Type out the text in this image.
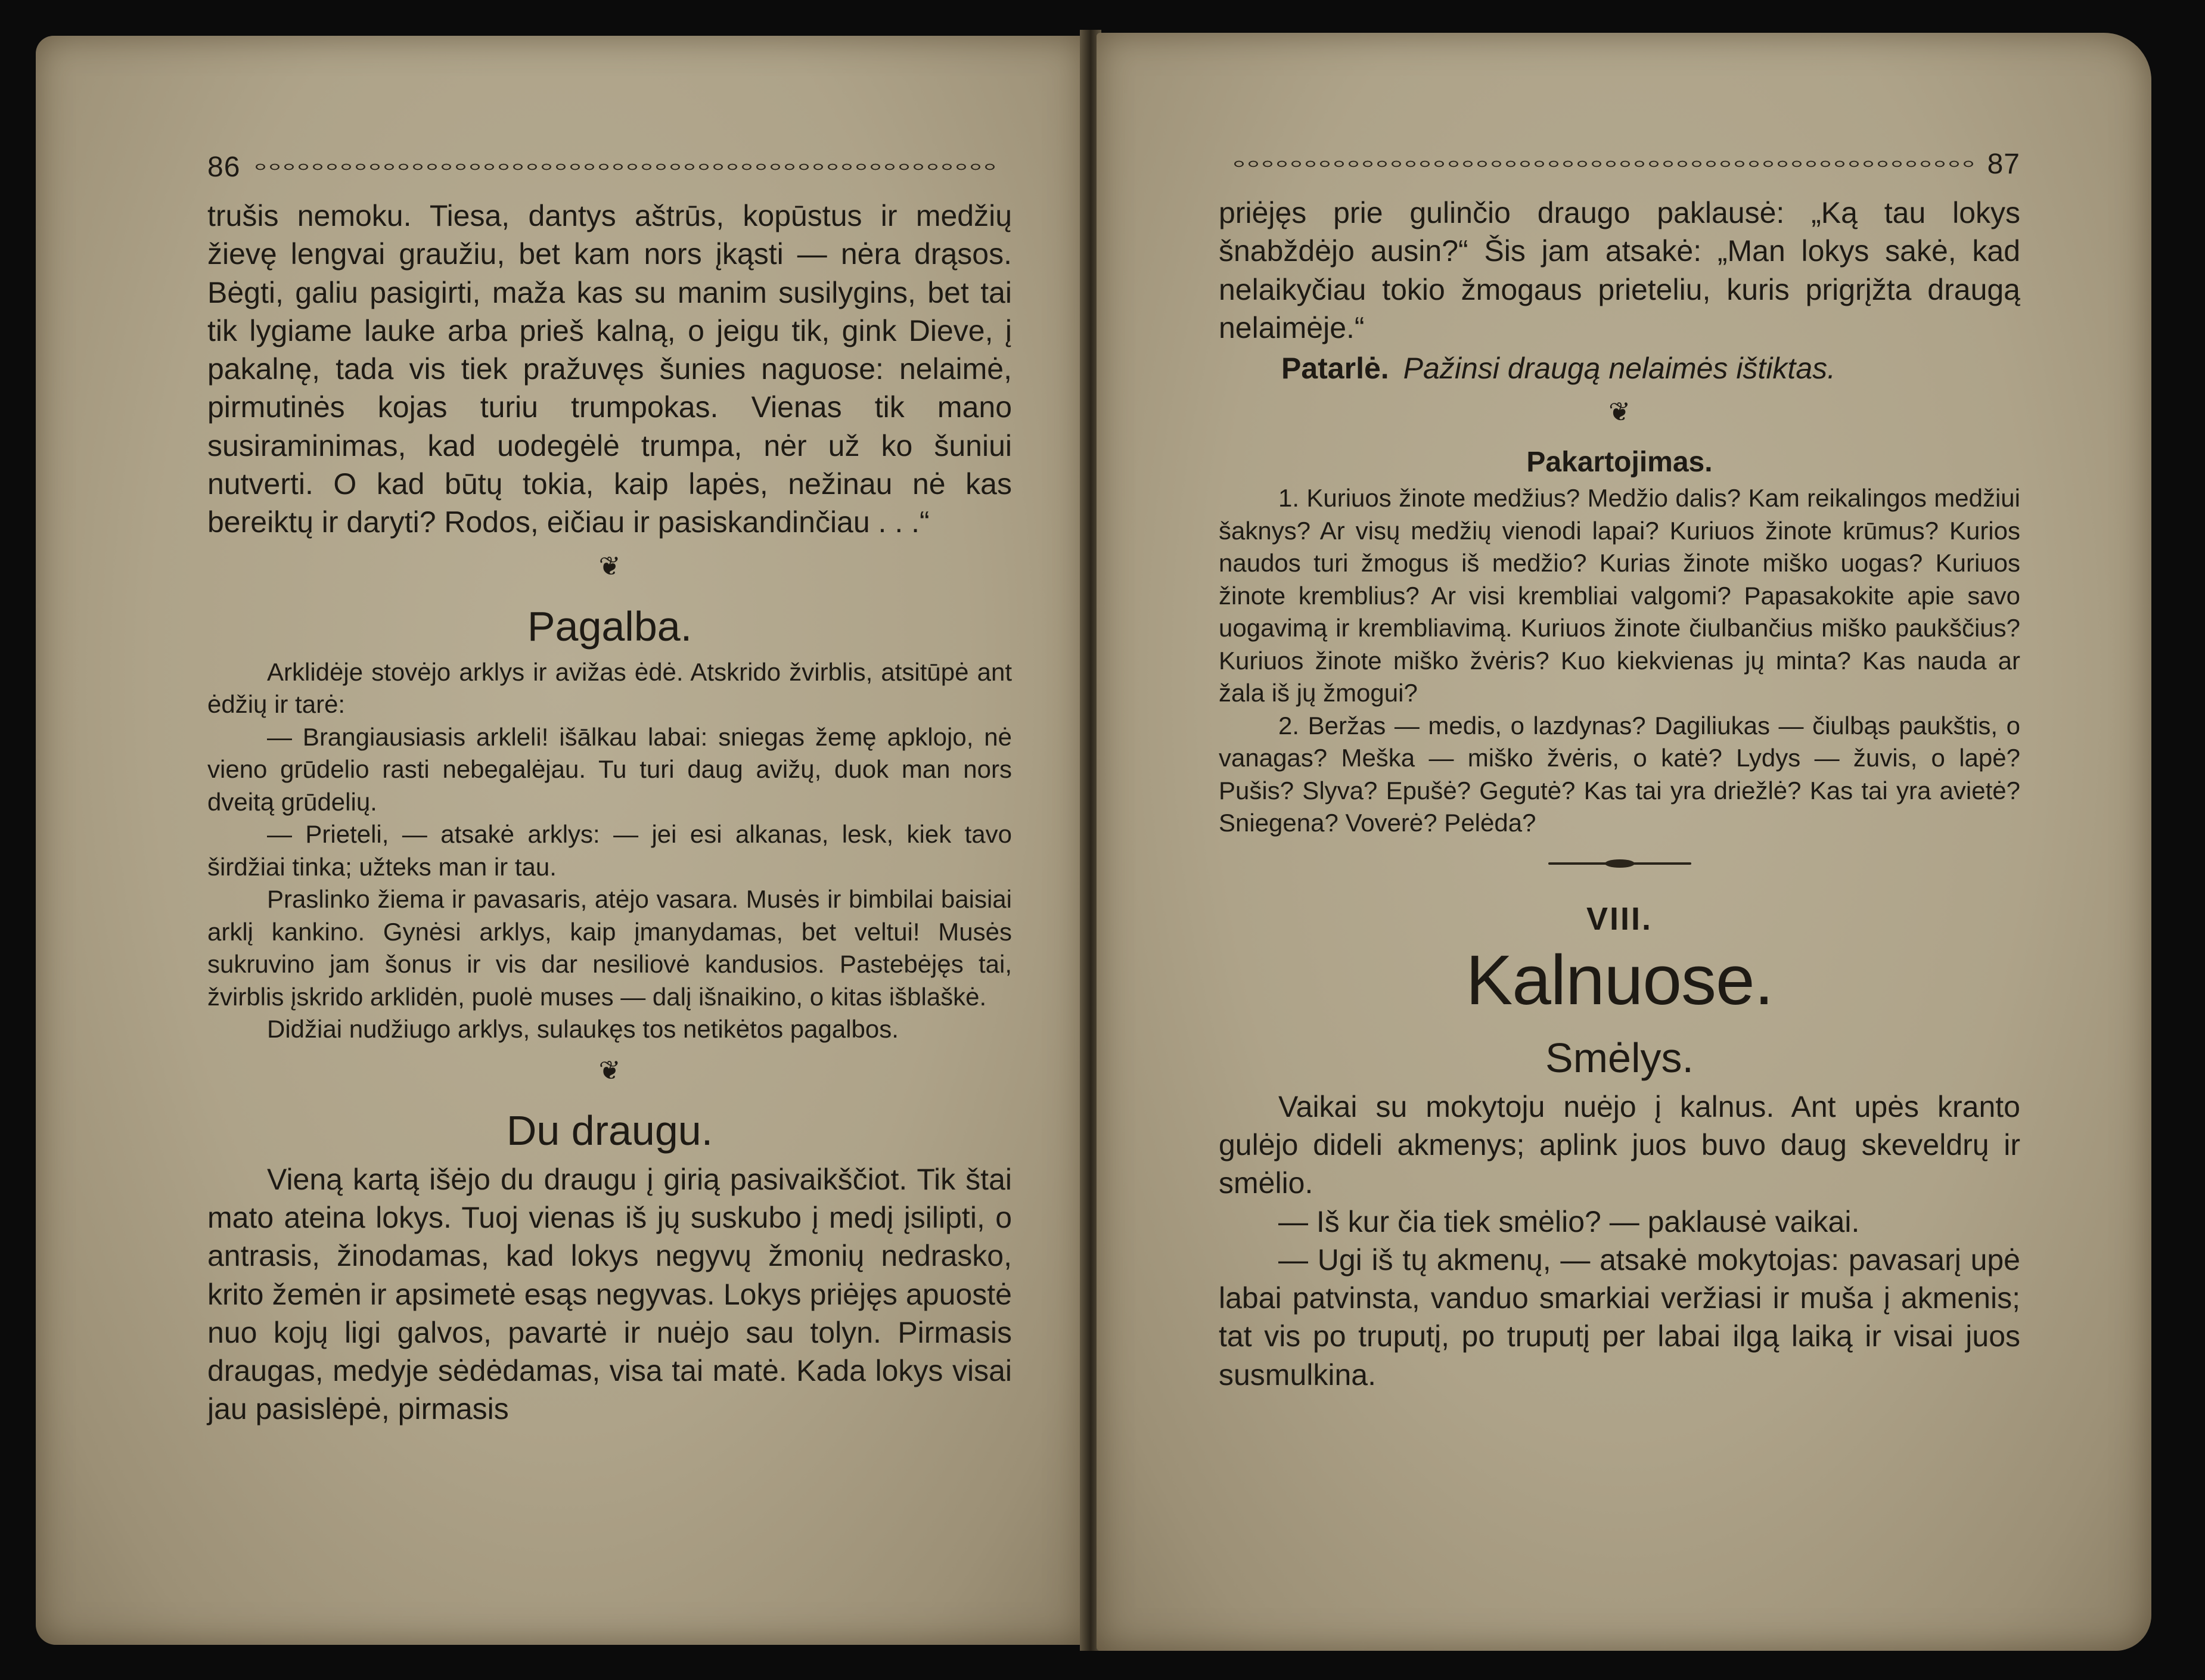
86

trušis nemoku. Tiesa, dantys aštrūs, kopūstus ir medžių žievę lengvai graužiu, bet kam nors įkąsti — nėra drąsos. Bėgti, galiu pasigirti, maža kas su manim susilygins, bet tai tik lygiame lauke arba prieš kalną, o jeigu tik, gink Dieve, į pakalnę, tada vis tiek pražuvęs šunies naguose: nelaimė, pirmutinės kojas turiu trumpokas. Vienas tik mano susiraminimas, kad uodegėlė trumpa, nėr už ko šuniui nutverti. O kad būtų tokia, kaip lapės, nežinau nė kas bereiktų ir daryti? Rodos, eičiau ir pasiskandinčiau . . .“

❦
Pagalba.

Arklidėje stovėjo arklys ir avižas ėdė. Atskrido žvirblis, atsitūpė ant ėdžių ir tarė:

— Brangiausiasis arkleli! išālkau labai: sniegas žemę apklojo, nė vieno grūdelio rasti nebegalėjau. Tu turi daug avižų, duok man nors dveitą grūdelių.

— Prieteli, — atsakė arklys: — jei esi alkanas, lesk, kiek tavo širdžiai tinka; užteks man ir tau.

Praslinko žiema ir pavasaris, atėjo vasara. Musės ir bimbilai baisiai arklį kankino. Gynėsi arklys, kaip įmanydamas, bet veltui! Musės sukruvino jam šonus ir vis dar nesiliovė kandusios. Pastebėjęs tai, žvirblis įskrido arklidėn, puolė muses — dalį išnaikino, o kitas išblaškė.

Didžiai nudžiugo arklys, sulaukęs tos netikėtos pagalbos.

❦
Du draugu.

Vieną kartą išėjo du draugu į girią pasivaikščiot. Tik štai mato ateina lokys. Tuoj vienas iš jų suskubo į medį įsilipti, o antrasis, žinodamas, kad lokys negyvų žmonių nedrasko, krito žemėn ir apsimetė esąs negyvas. Lokys priėjęs apuostė nuo kojų ligi galvos, pavartė ir nuėjo sau tolyn. Pirmasis draugas, medyje sėdėdamas, visa tai matė. Kada lokys visai jau pasislėpė, pirmasis

87

priėjęs prie gulinčio draugo paklausė: „Ką tau lokys šnabždėjo ausin?“ Šis jam atsakė: „Man lokys sakė, kad nelaikyčiau tokio žmogaus prieteliu, kuris prigrįžta draugą nelaimėje.“

Patarlė. Pažinsi draugą nelaimės ištiktas.

❦
Pakartojimas.

1. Kuriuos žinote medžius? Medžio dalis? Kam reikalingos medžiui šaknys? Ar visų medžių vienodi lapai? Kuriuos žinote krūmus? Kurios naudos turi žmogus iš medžio? Kurias žinote miško uogas? Kuriuos žinote kremblius? Ar visi krembliai valgomi? Papasakokite apie savo uogavimą ir krembliavimą. Kuriuos žinote čiulbančius miško paukščius? Kuriuos žinote miško žvėris? Kuo kiekvienas jų minta? Kas nauda ar žala iš jų žmogui?

2. Beržas — medis, o lazdynas? Dagiliukas — čiulbąs paukštis, o vanagas? Meška — miško žvėris, o katė? Lydys — žuvis, o lapė? Pušis? Slyva? Epušė? Gegutė? Kas tai yra driežlė? Kas tai yra avietė? Sniegena? Voverė? Pelėda?

VIII.
Kalnuose.
Smėlys.

Vaikai su mokytoju nuėjo į kalnus. Ant upės kranto gulėjo dideli akmenys; aplink juos buvo daug skeveldrų ir smėlio.

— Iš kur čia tiek smėlio? — paklausė vaikai.

— Ugi iš tų akmenų, — atsakė mokytojas: pavasarį upė labai patvinsta, vanduo smarkiai veržiasi ir muša į akmenis; tat vis po truputį, po truputį per labai ilgą laiką ir visai juos susmulkina.
